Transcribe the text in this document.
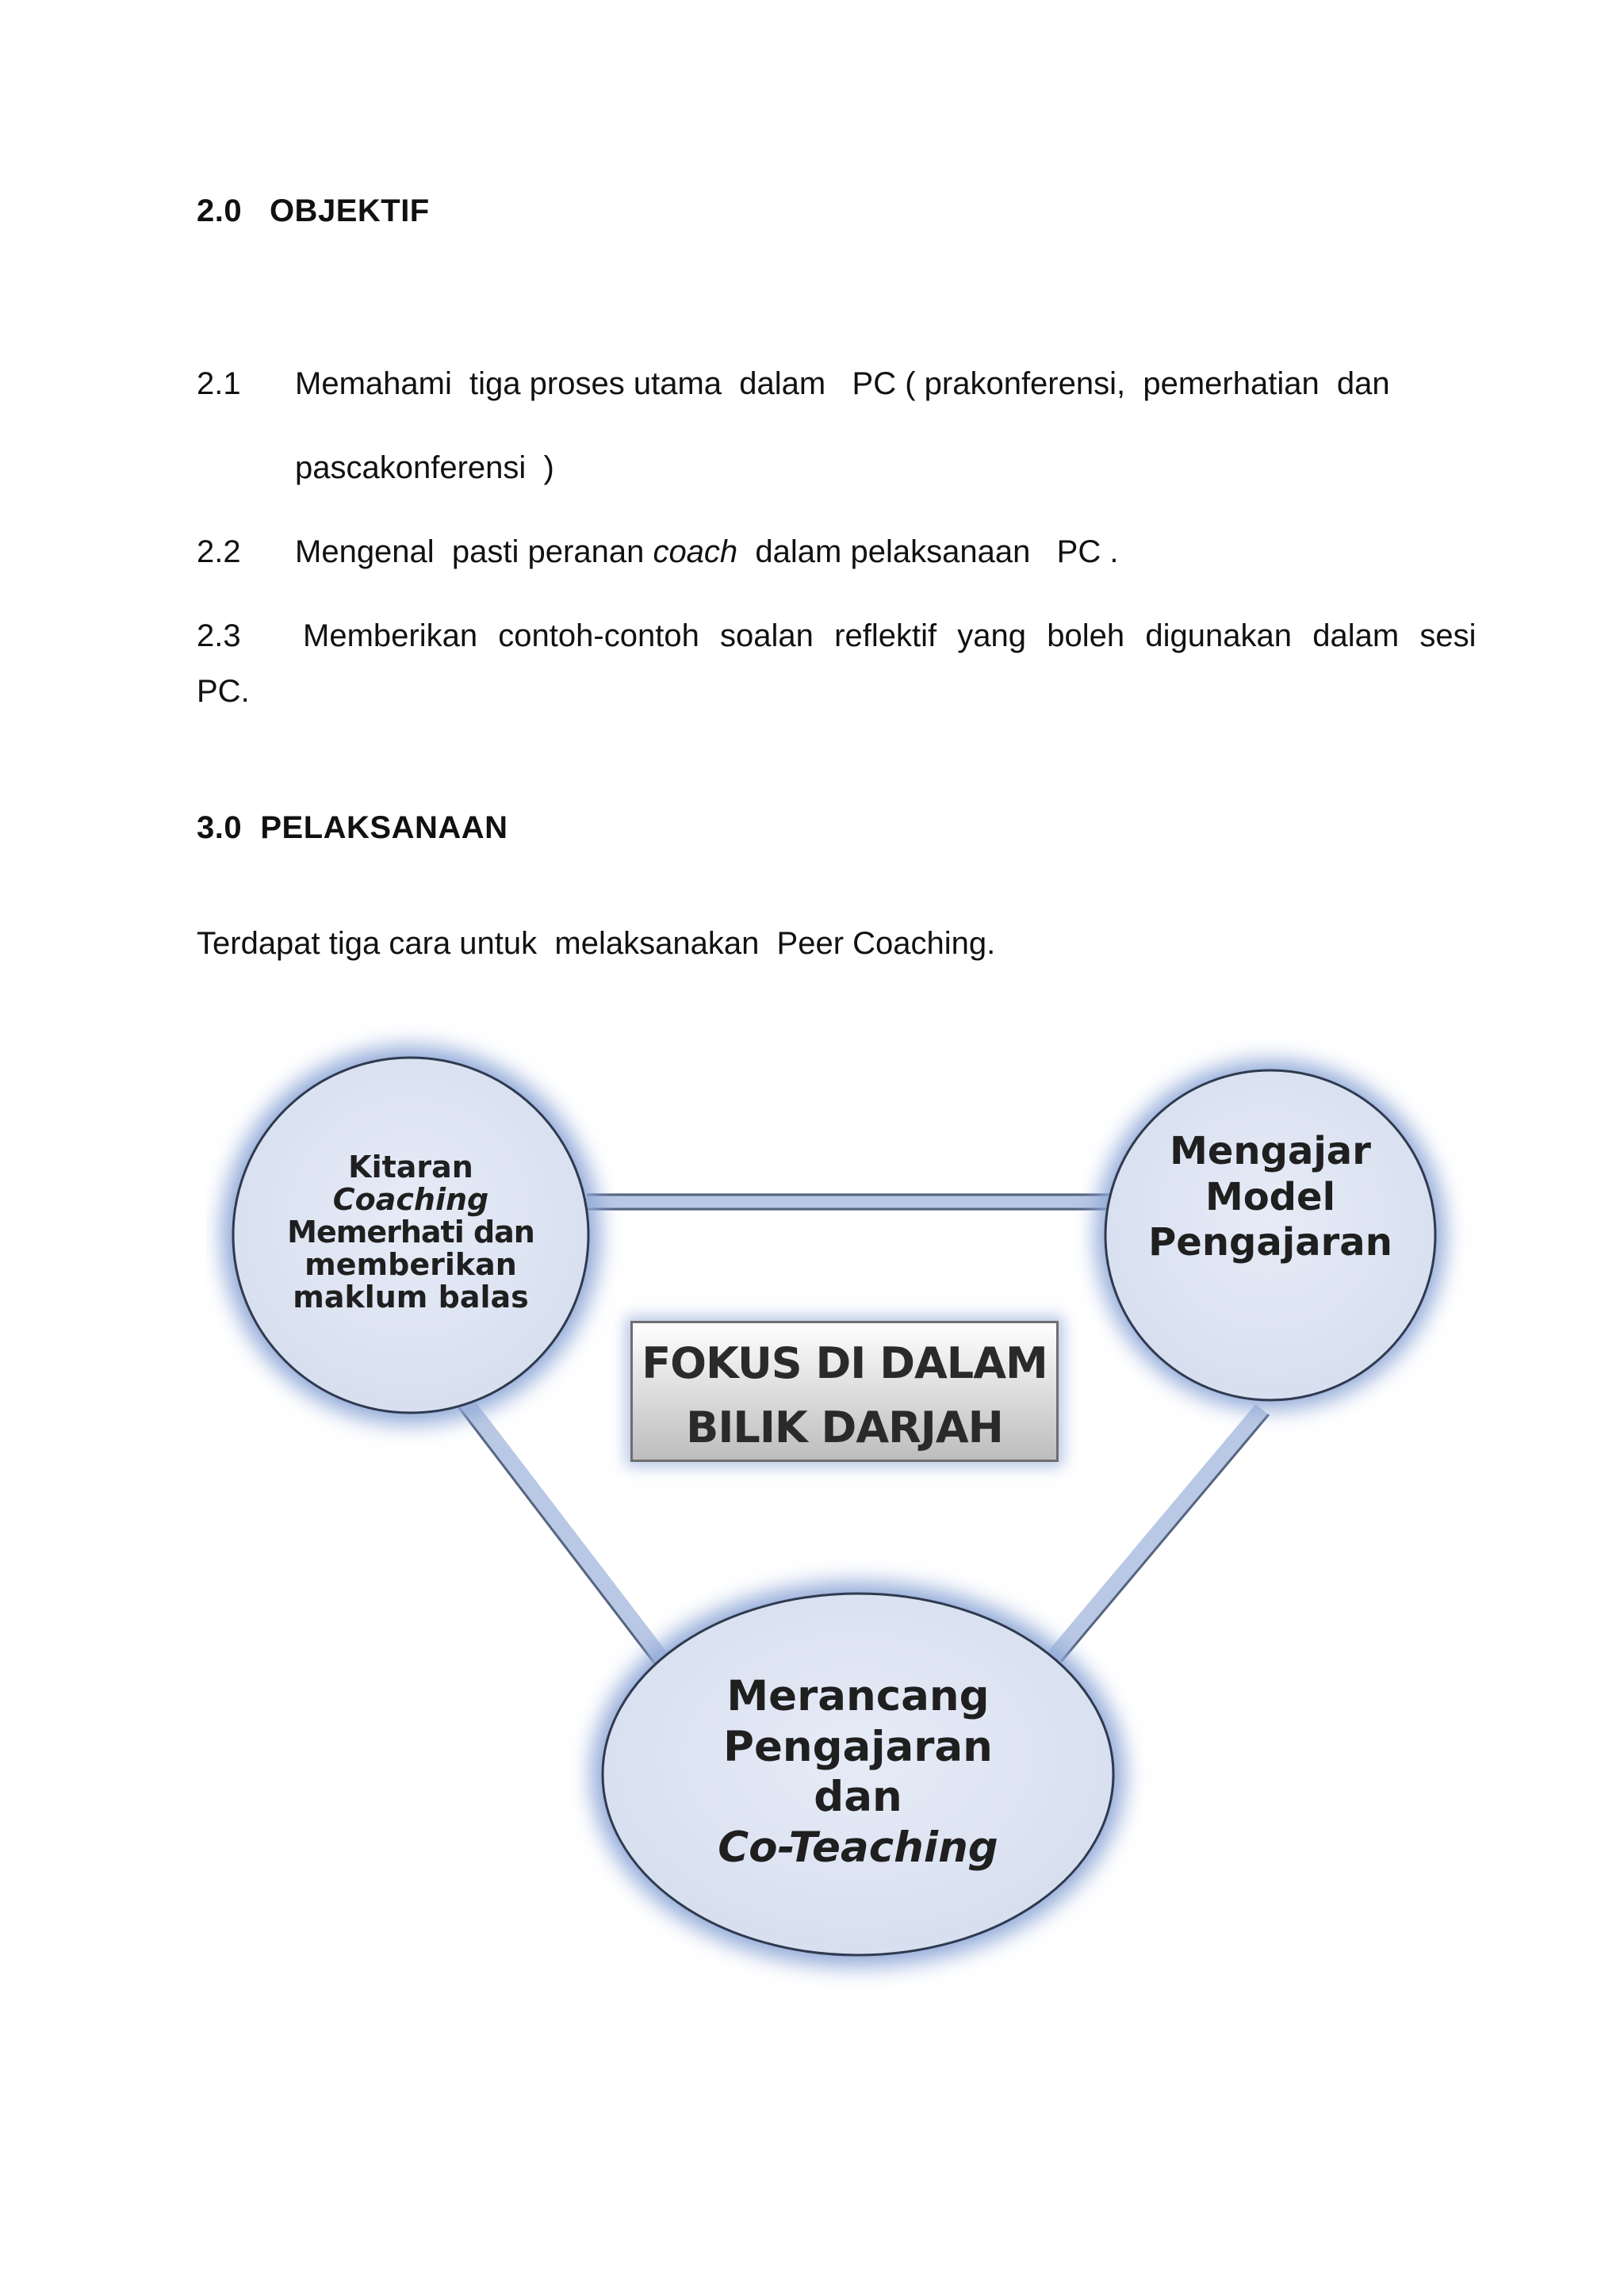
2.0   OBJEKTIF
2.1 Memahami  tiga proses utama  dalam   PC ( prakonferensi,  pemerhatian  dan
pascakonferensi  )
2.2 Mengenal  pasti peranan coach  dalam pelaksanaan   PC .
2.3 Memberikan  contoh-contoh  soalan  reflektif  yang  boleh  digunakan  dalam  sesi
PC.
3.0  PELAKSANAAN
Terdapat tiga cara untuk  melaksanakan  Peer Coaching.
Kitaran
Coaching
Memerhati dan
memberikan
maklum balas
Mengajar
Model
Pengajaran
Merancang
Pengajaran
dan
Co-Teaching
FOKUS DI DALAM
BILIK DARJAH
